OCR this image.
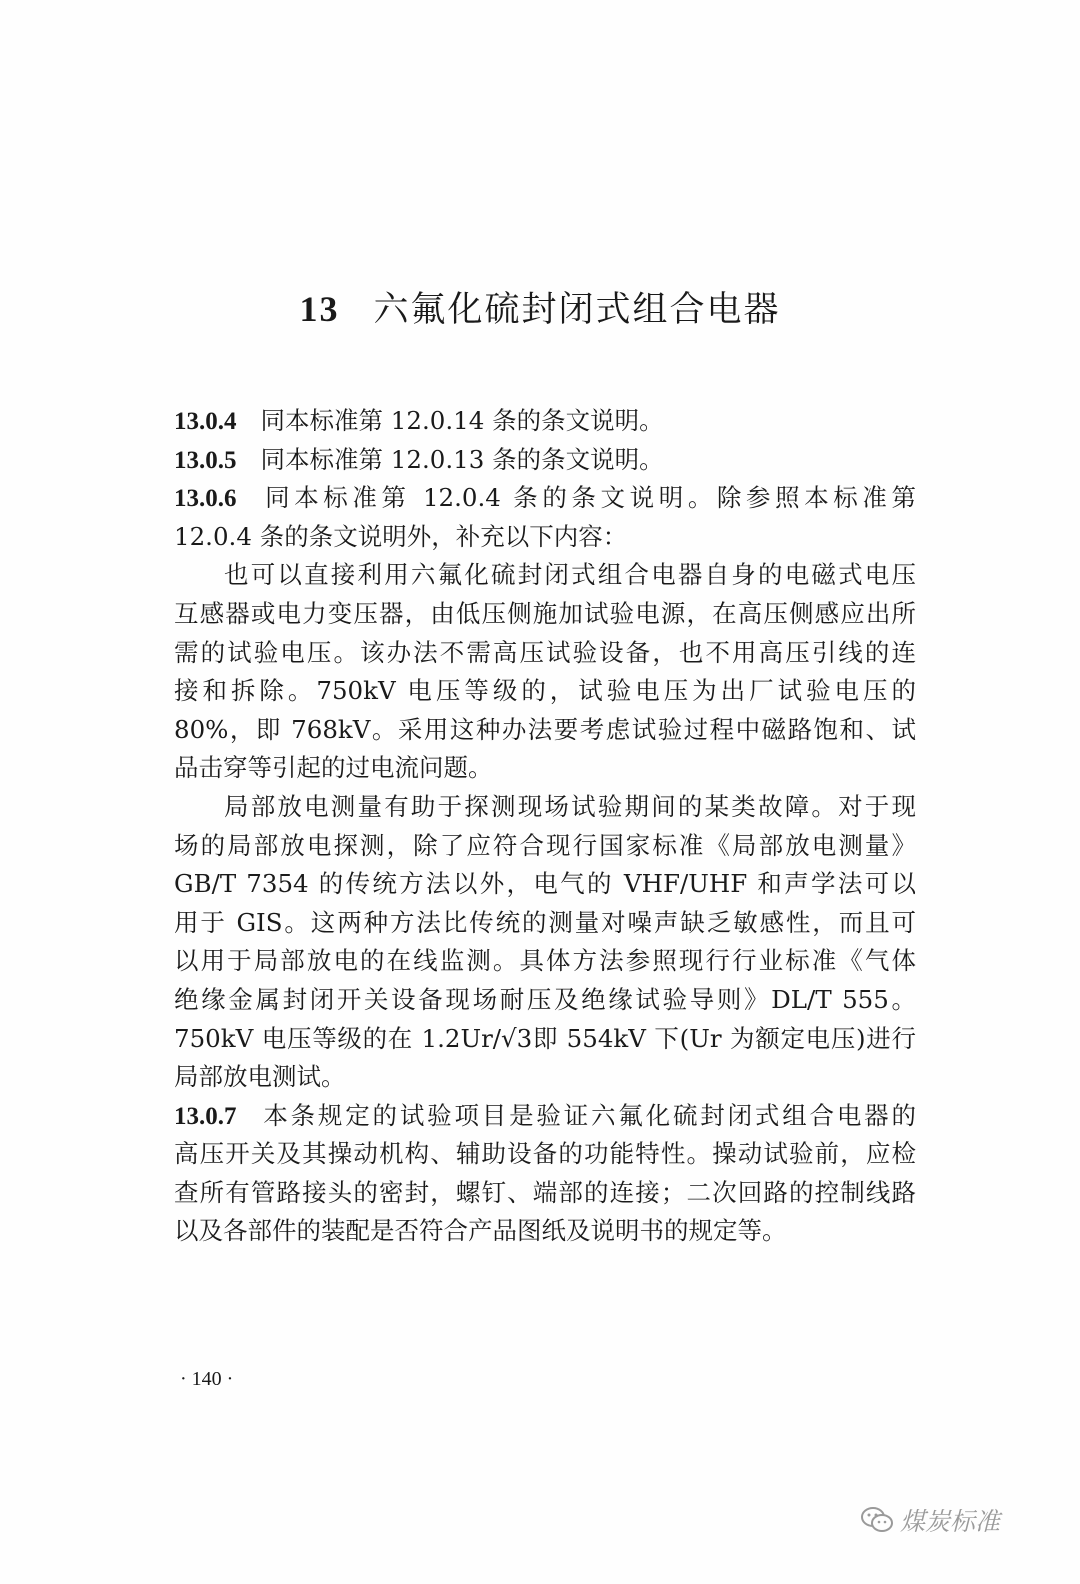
13 六氟化硫封闭式组合电器
13.0.4 同本标准第 12.0.14 条的条文说明。
13.0.5 同本标准第 12.0.13 条的条文说明。
13.0.6 同本标准第 12.0.4 条的条文说明。除参照本标准第
12.0.4 条的条文说明外，补充以下内容：
也可以直接利用六氟化硫封闭式组合电器自身的电磁式电压
互感器或电力变压器，由低压侧施加试验电源，在高压侧感应出所
需的试验电压。该办法不需高压试验设备，也不用高压引线的连
接和拆除。750kV 电压等级的，试验电压为出厂试验电压的
80%，即 768kV。采用这种办法要考虑试验过程中磁路饱和、试
品击穿等引起的过电流问题。
局部放电测量有助于探测现场试验期间的某类故障。对于现
场的局部放电探测，除了应符合现行国家标准《局部放电测量》
GB/T 7354 的传统方法以外，电气的 VHF/UHF 和声学法可以
用于 GIS。这两种方法比传统的测量对噪声缺乏敏感性，而且可
以用于局部放电的在线监测。具体方法参照现行行业标准《气体
绝缘金属封闭开关设备现场耐压及绝缘试验导则》DL/T 555。
750kV 电压等级的在 1.2Ur/√3即 554kV 下(Ur 为额定电压)进行
局部放电测试。
13.0.7 本条规定的试验项目是验证六氟化硫封闭式组合电器的
高压开关及其操动机构、辅助设备的功能特性。操动试验前，应检
查所有管路接头的密封，螺钉、端部的连接；二次回路的控制线路
以及各部件的装配是否符合产品图纸及说明书的规定等。
· 140 ·
煤炭标准
